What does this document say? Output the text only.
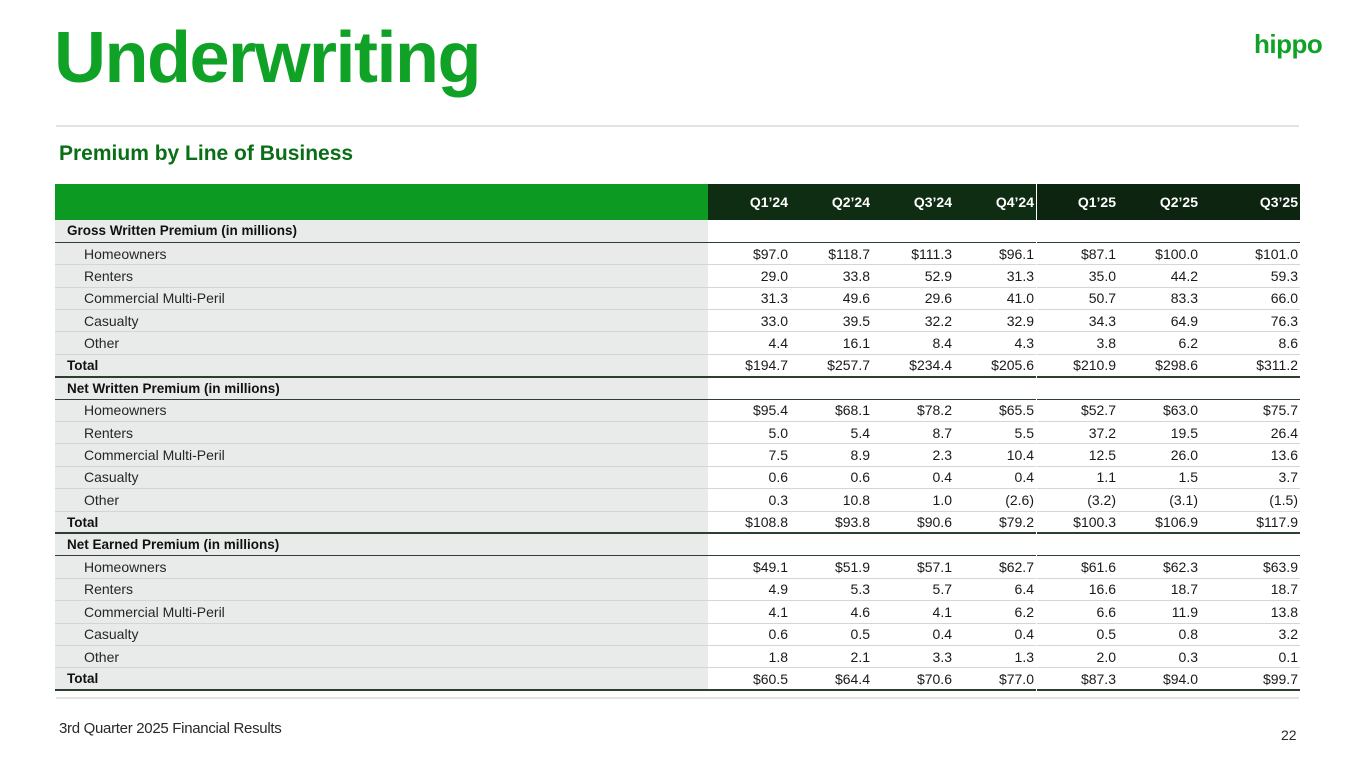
Underwriting	hippo
Premium by Line of Business
	Q1’24	Q2’24	Q3’24	Q4’24		Q1’25	Q2’25	Q3’25
Gross Written Premium (in millions)								
Homeowners	$97.0	$118.7	$111.3	$96.1		$87.1	$100.0	$101.0
Renters	29.0	33.8	52.9	31.3		35.0	44.2	59.3
Commercial Multi-Peril	31.3	49.6	29.6	41.0		50.7	83.3	66.0
Casualty	33.0	39.5	32.2	32.9		34.3	64.9	76.3
Other	4.4	16.1	8.4	4.3		3.8	6.2	8.6
Total	$194.7	$257.7	$234.4	$205.6		$210.9	$298.6	$311.2
Net Written Premium (in millions)								
Homeowners	$95.4	$68.1	$78.2	$65.5		$52.7	$63.0	$75.7
Renters	5.0	5.4	8.7	5.5		37.2	19.5	26.4
Commercial Multi-Peril	7.5	8.9	2.3	10.4		12.5	26.0	13.6
Casualty	0.6	0.6	0.4	0.4		1.1	1.5	3.7
Other	0.3	10.8	1.0	(2.6)		(3.2)	(3.1)	(1.5)
Total	$108.8	$93.8	$90.6	$79.2		$100.3	$106.9	$117.9
Net Earned Premium (in millions)								
Homeowners	$49.1	$51.9	$57.1	$62.7		$61.6	$62.3	$63.9
Renters	4.9	5.3	5.7	6.4		16.6	18.7	18.7
Commercial Multi-Peril	4.1	4.6	4.1	6.2		6.6	11.9	13.8
Casualty	0.6	0.5	0.4	0.4		0.5	0.8	3.2
Other	1.8	2.1	3.3	1.3		2.0	0.3	0.1
Total	$60.5	$64.4	$70.6	$77.0		$87.3	$94.0	$99.7
3rd Quarter 2025 Financial Results	22
